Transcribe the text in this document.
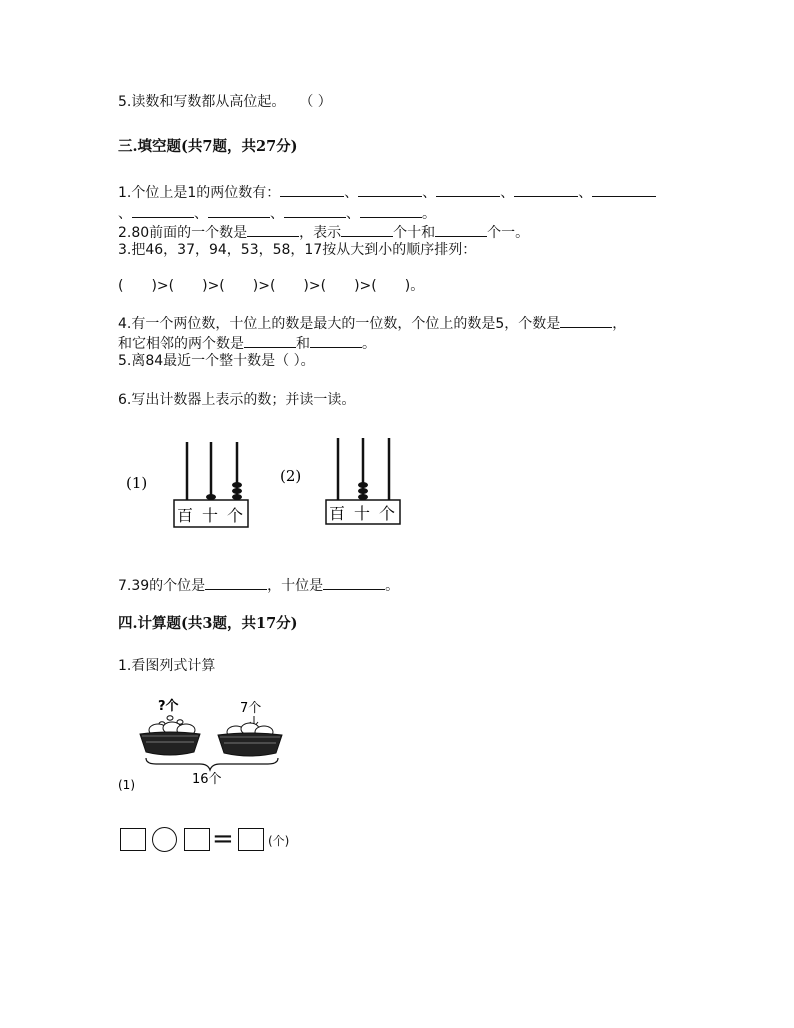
5.读数和写数都从高位起。　　（ ）
三.填空题(共7题，共27分)
1.个位上是1的两位数有：	、	、	、	、
、	、	、	、	。
2.80前面的一个数是	，表示	个十和	个一。
3.把46，37，94，53，58，17按从大到小的顺序排列：
(　　)>(　　)>(　　)>(　　)>(　　)>(　　)。
4.有一个两位数，十位上的数是最大的一位数，个位上的数是5，个数是	，
和它相邻的两个数是	和	。
5.离84最近一个整十数是（ ）。
6.写出计数器上表示的数；并读一读。
(1)
百 十 个
(2)
百 十 个
7.39的个位是	，十位是	。
四.计算题(共3题，共17分)
1.看图列式计算
?个	7个
16个
(1)
=	(个)
